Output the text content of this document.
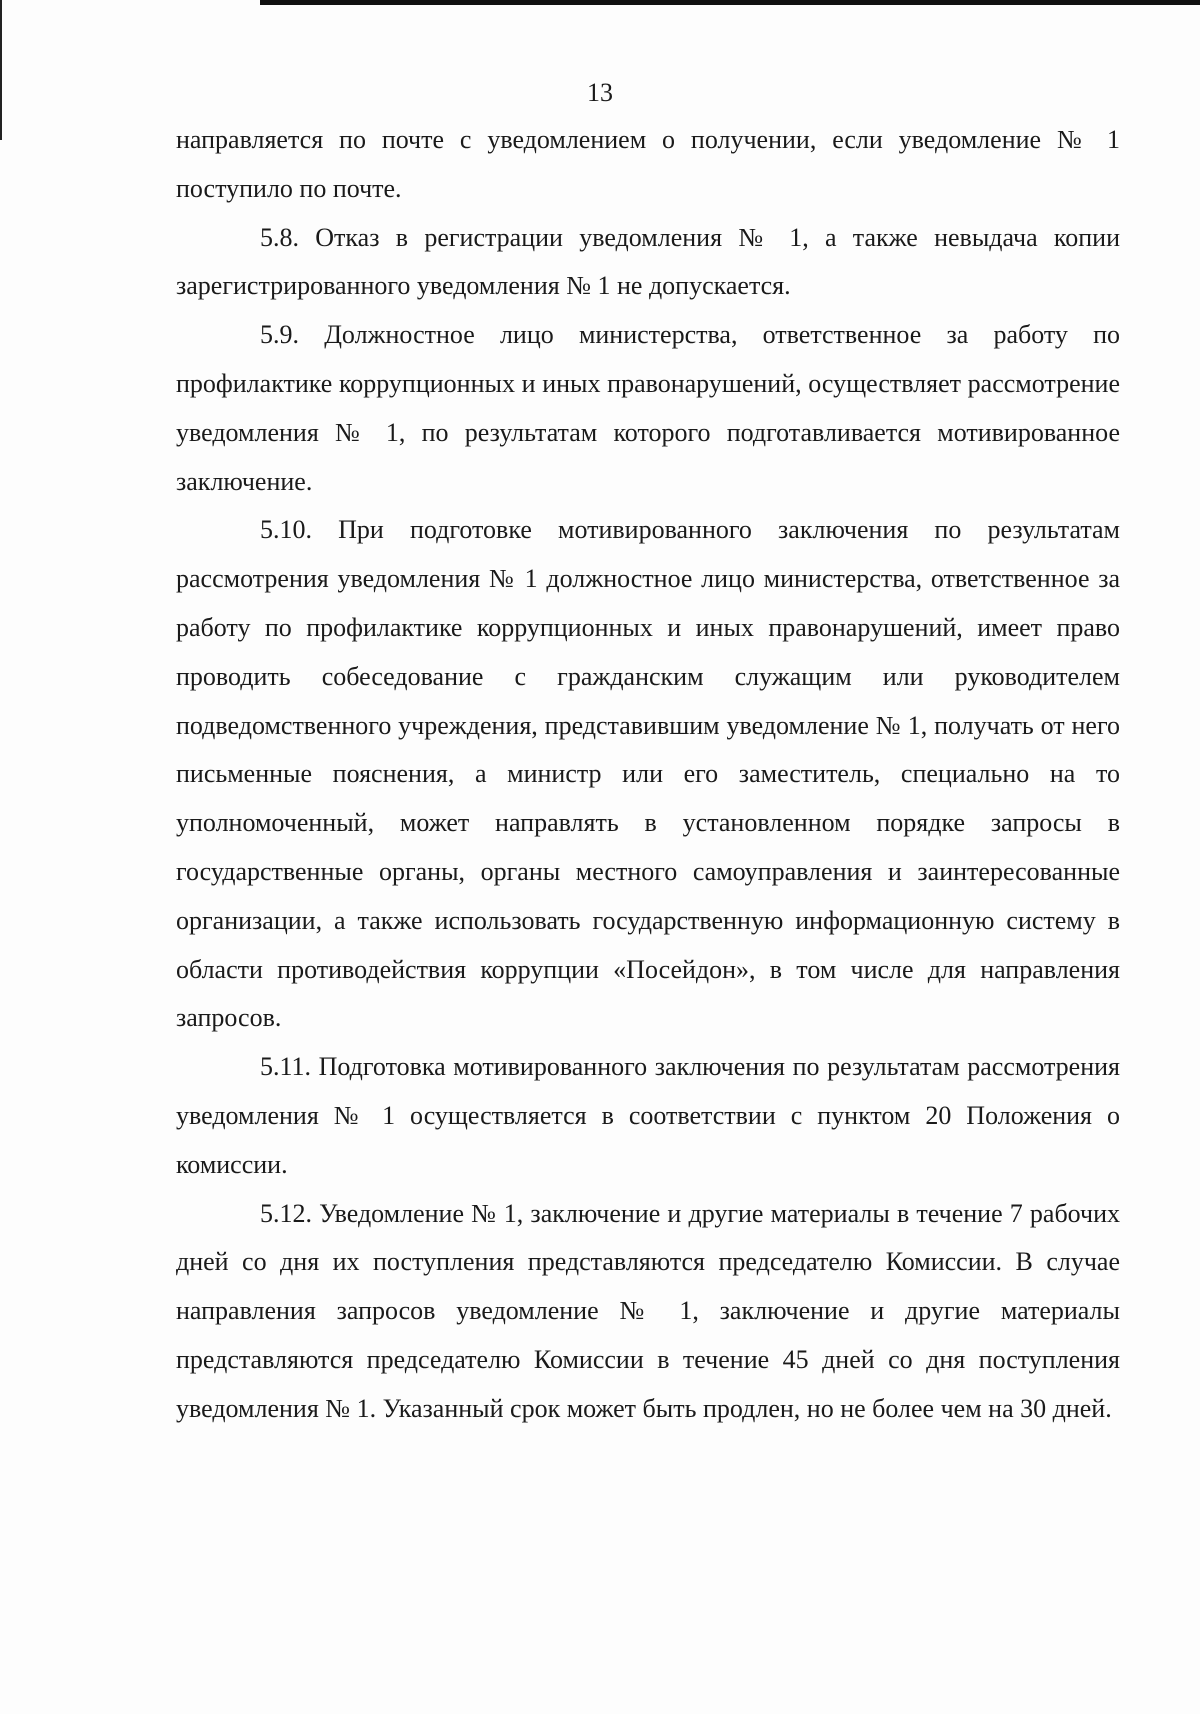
13

направляется по почте с уведомлением о получении, если уведомление № 1 поступило по почте.

5.8. Отказ в регистрации уведомления № 1, а также невыдача копии зарегистрированного уведомления № 1 не допускается.

5.9. Должностное лицо министерства, ответственное за работу по профилактике коррупционных и иных правонарушений, осуществляет рассмотрение уведомления № 1, по результатам которого подготавливается мотивированное заключение.

5.10. При подготовке мотивированного заключения по результатам рассмотрения уведомления № 1 должностное лицо министерства, ответственное за работу по профилактике коррупционных и иных правонарушений, имеет право проводить собеседование с гражданским служащим или руководителем подведомственного учреждения, представившим уведомление № 1, получать от него письменные пояснения, а министр или его заместитель, специально на то уполномоченный, может направлять в установленном порядке запросы в государственные органы, органы местного самоуправления и заинтересованные организации, а также использовать государственную информационную систему в области противодействия коррупции «Посейдон», в том числе для направления запросов.

5.11. Подготовка мотивированного заключения по результатам рассмотрения уведомления № 1 осуществляется в соответствии с пунктом 20 Положения о комиссии.

5.12. Уведомление № 1, заключение и другие материалы в течение 7 рабочих дней со дня их поступления представляются председателю Комиссии. В случае направления запросов уведомление № 1, заключение и другие материалы представляются председателю Комиссии в течение 45 дней со дня поступления уведомления № 1. Указанный срок может быть продлен, но не более чем на 30 дней.
